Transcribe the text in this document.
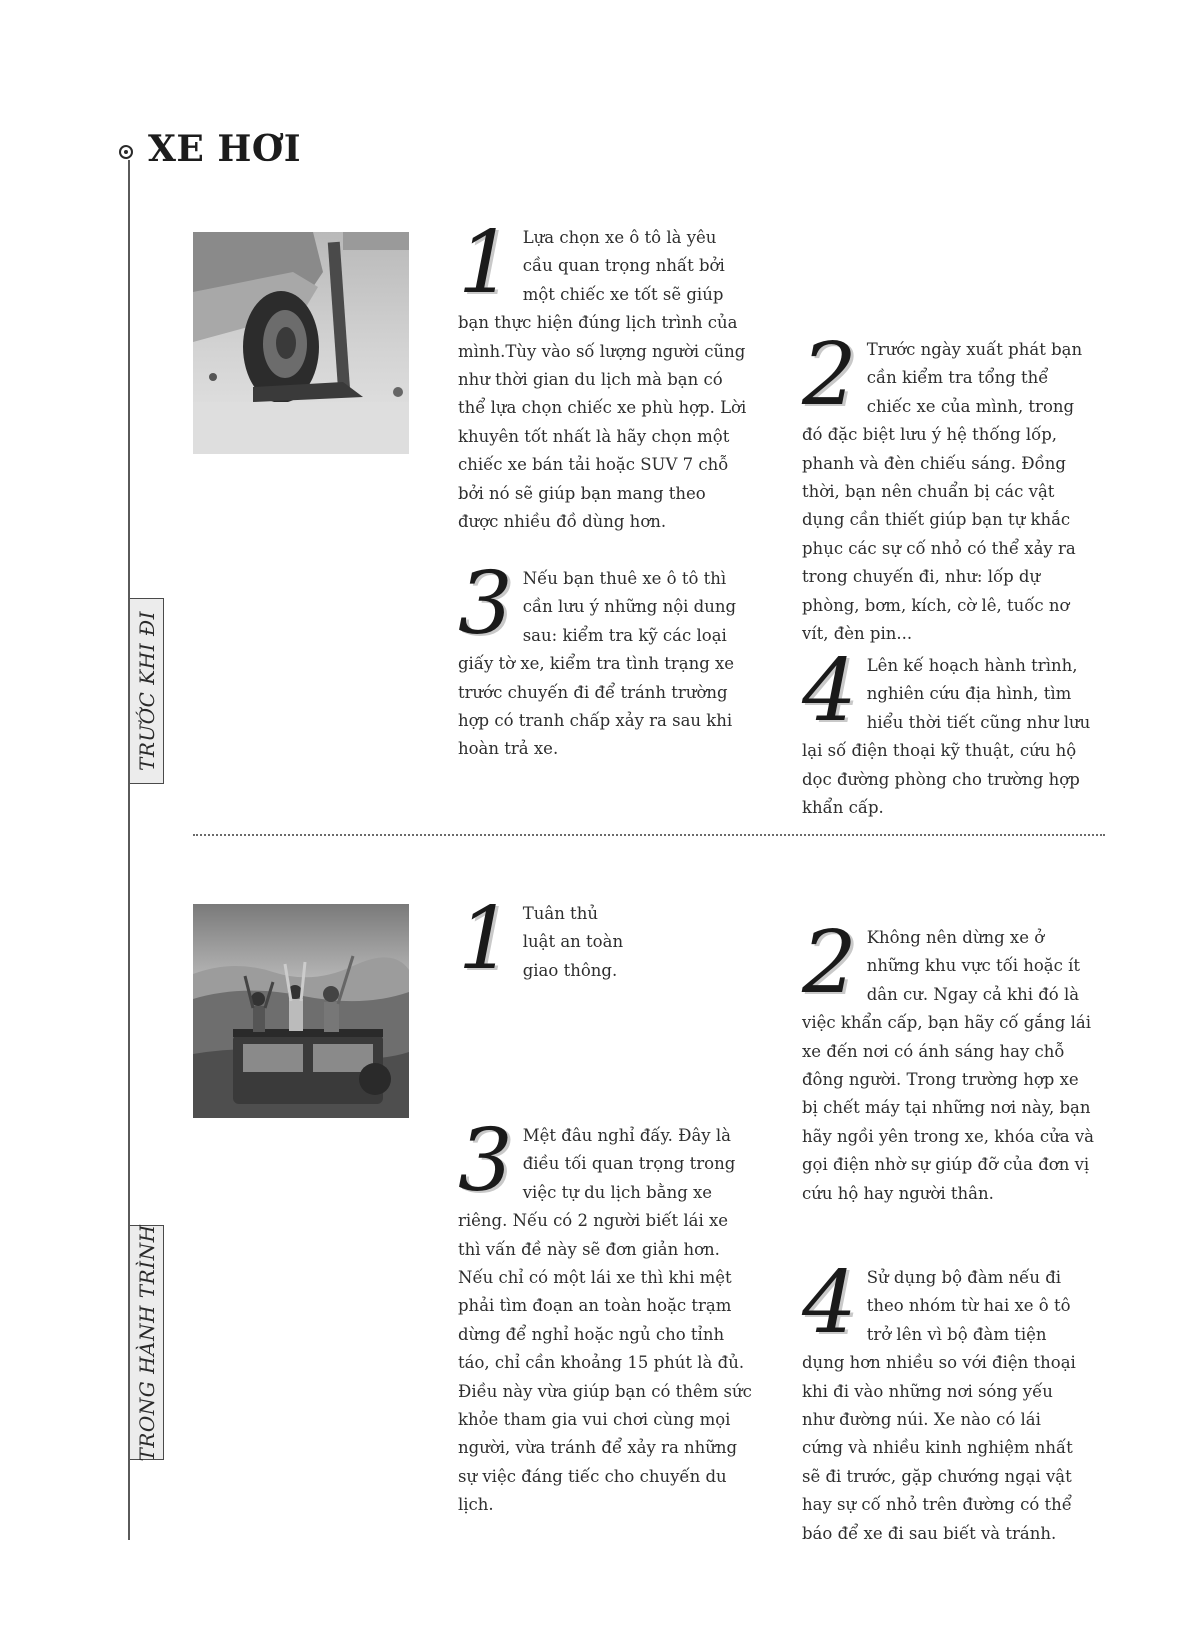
XE HƠI
TRƯỚC KHI ĐI
TRONG HÀNH TRÌNH
1 Lựa chọn xe ô tô là yêu cầu quan trọng nhất bởi một chiếc xe tốt sẽ giúp bạn thực hiện đúng lịch trình của mình.Tùy vào số lượng người cũng như thời gian du lịch mà bạn có thể lựa chọn chiếc xe phù hợp. Lời khuyên tốt nhất là hãy chọn một chiếc xe bán tải hoặc SUV 7 chỗ bởi nó sẽ giúp bạn mang theo được nhiều đồ dùng hơn.

2 Trước ngày xuất phát bạn cần kiểm tra tổng thể chiếc xe của mình, trong đó đặc biệt lưu ý hệ thống lốp, phanh và đèn chiếu sáng. Đồng thời, bạn nên chuẩn bị các vật dụng cần thiết giúp bạn tự khắc phục các sự cố nhỏ có thể xảy ra trong chuyến đi, như: lốp dự phòng, bơm, kích, cờ lê, tuốc nơ vít, đèn pin...

3 Nếu bạn thuê xe ô tô thì cần lưu ý những nội dung sau: kiểm tra kỹ các loại giấy tờ xe, kiểm tra tình trạng xe trước chuyến đi để tránh trường hợp có tranh chấp xảy ra sau khi hoàn trả xe.

4 Lên kế hoạch hành trình, nghiên cứu địa hình, tìm hiểu thời tiết cũng như lưu lại số điện thoại kỹ thuật, cứu hộ dọc đường phòng cho trường hợp khẩn cấp.

1 Tuân thủ luật an toàn giao thông. 2 Không nên dừng xe ở những khu vực tối hoặc ít dân cư. Ngay cả khi đó là việc khẩn cấp, bạn hãy cố gắng lái xe đến nơi có ánh sáng hay chỗ đông người. Trong trường hợp xe bị chết máy tại những nơi này, bạn hãy ngồi yên trong xe, khóa cửa và gọi điện nhờ sự giúp đỡ của đơn vị cứu hộ hay người thân.

3 Mệt đâu nghỉ đấy. Đây là điều tối quan trọng trong việc tự du lịch bằng xe riêng. Nếu có 2 người biết lái xe thì vấn đề này sẽ đơn giản hơn. Nếu chỉ có một lái xe thì khi mệt phải tìm đoạn an toàn hoặc trạm dừng để nghỉ hoặc ngủ cho tỉnh táo, chỉ cần khoảng 15 phút là đủ. Điều này vừa giúp bạn có thêm sức khỏe tham gia vui chơi cùng mọi người, vừa tránh để xảy ra những sự việc đáng tiếc cho chuyến du lịch.

4 Sử dụng bộ đàm nếu đi theo nhóm từ hai xe ô tô trở lên vì bộ đàm tiện dụng hơn nhiều so với điện thoại khi đi vào những nơi sóng yếu như đường núi. Xe nào có lái cứng và nhiều kinh nghiệm nhất sẽ đi trước, gặp chướng ngại vật hay sự cố nhỏ trên đường có thể báo để xe đi sau biết và tránh.
